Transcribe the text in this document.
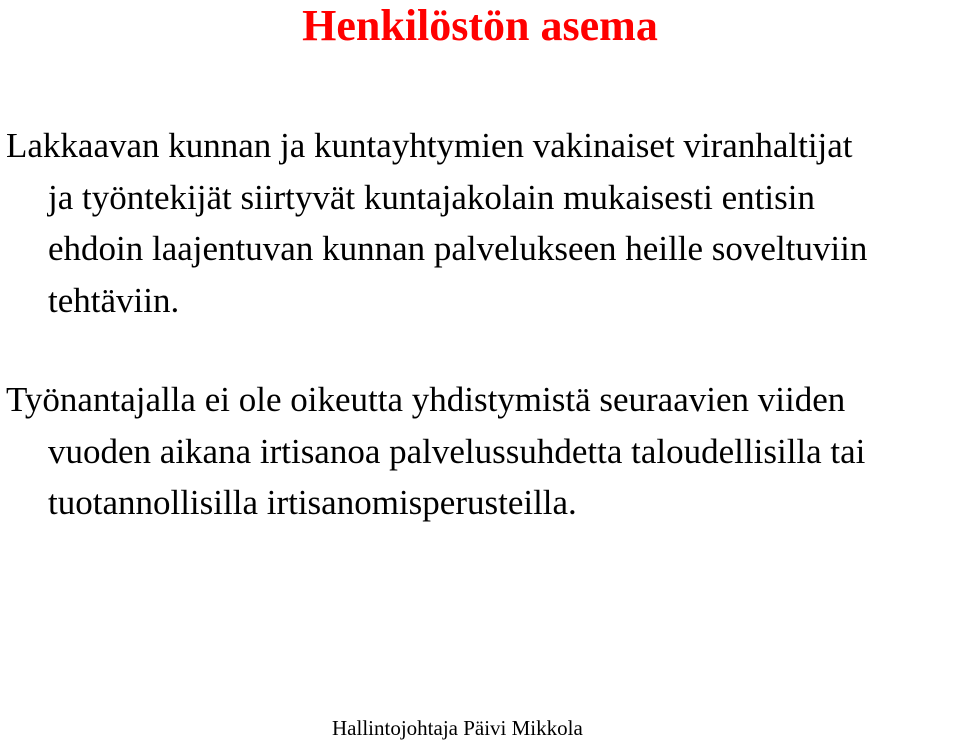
Henkilöstön asema

Lakkaavan kunnan ja kuntayhtymien vakinaiset viranhaltijat
ja työntekijät siirtyvät kuntajakolain mukaisesti entisin
ehdoin laajentuvan kunnan palvelukseen heille soveltuviin
tehtäviin.

Työnantajalla ei ole oikeutta yhdistymistä seuraavien viiden
vuoden aikana irtisanoa palvelussuhdetta taloudellisilla tai
tuotannollisilla irtisanomisperusteilla.

Hallintojohtaja Päivi Mikkola
